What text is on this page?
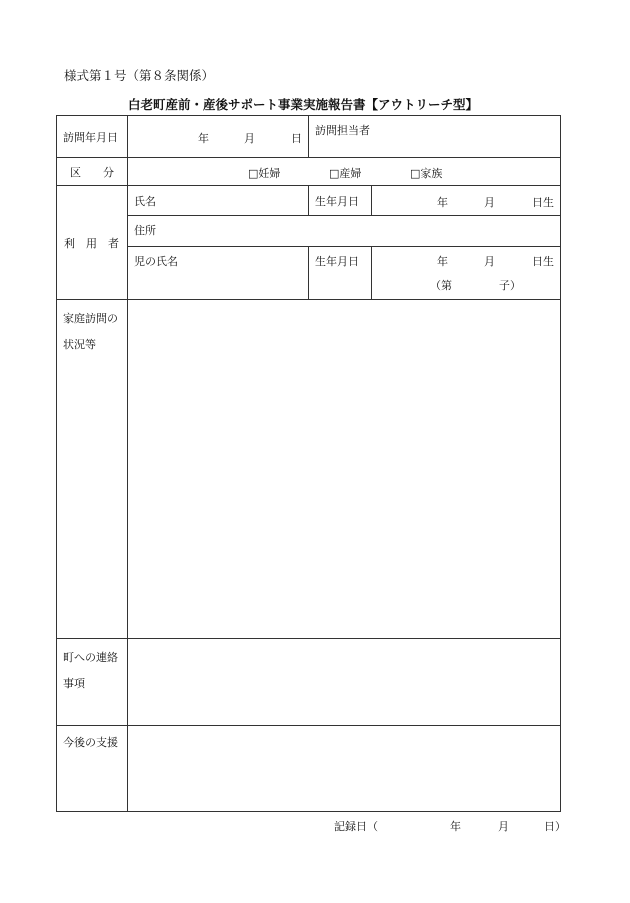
様式第１号（第８条関係）
白老町産前・産後サポート事業実施報告書【アウトリーチ型】
訪問年月日	年 月 日	訪問担当者	
区　　分	□妊婦 □産婦 □家族		

利　用　者	氏名	生年月日	年 月 日生

	住所		
	児の氏名	生年月日	年 月 日生
（第 子）

家庭訪問の
状況等			

町への連絡
事項			

今後の支援			
記録日（	年	月	日）
